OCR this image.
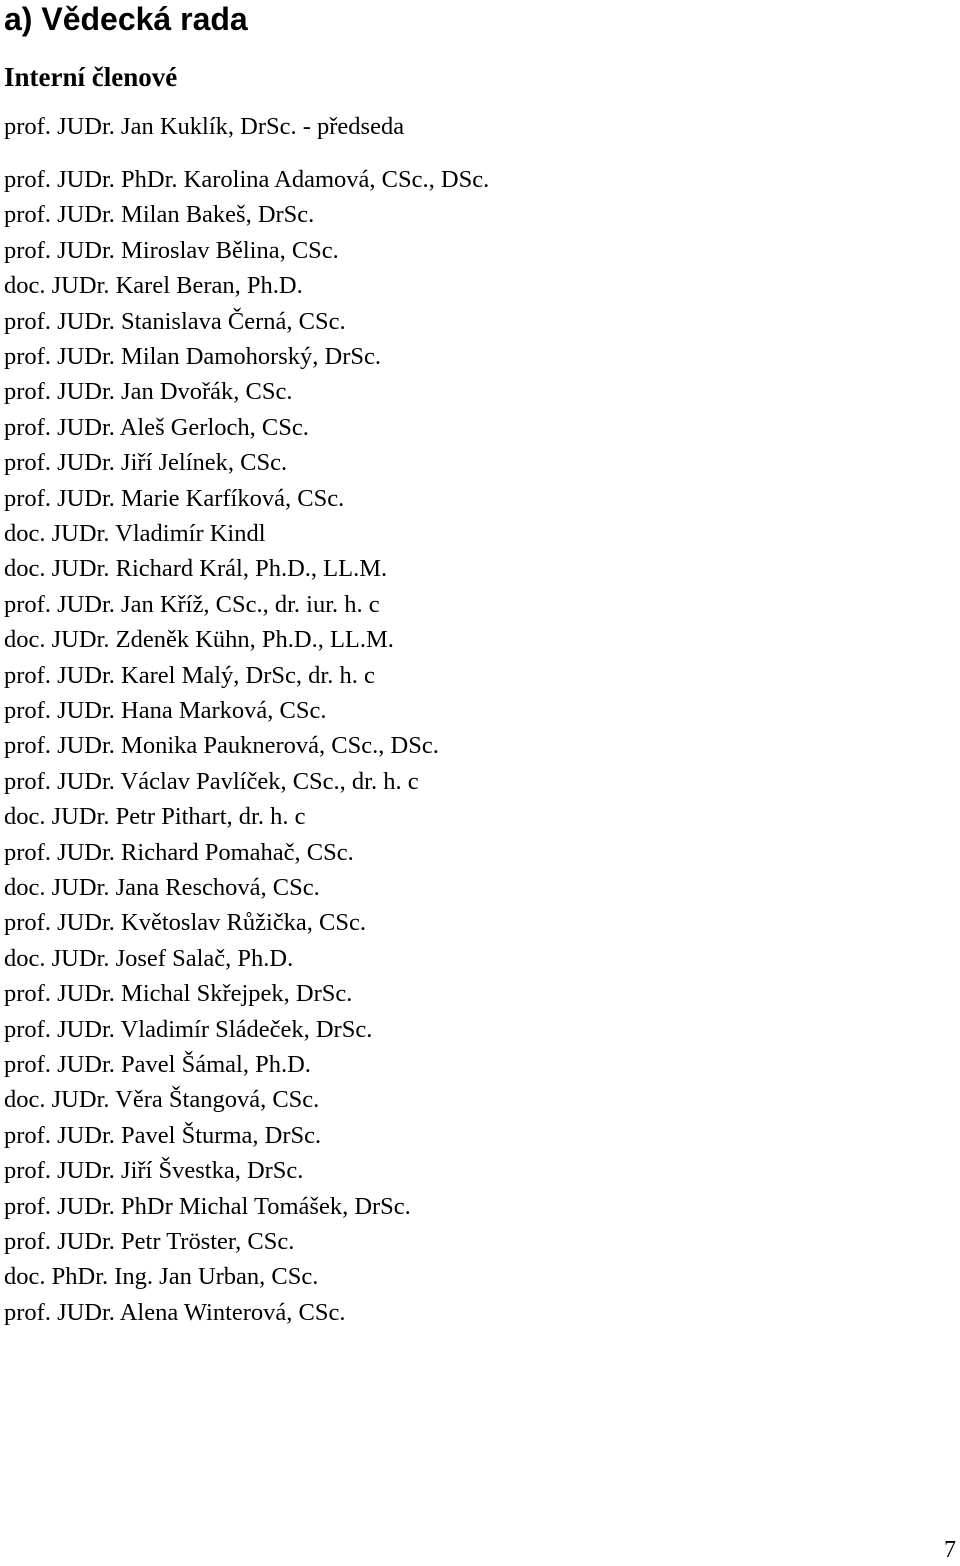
a) Vědecká rada
Interní členové
prof. JUDr. Jan Kuklík, DrSc. - předseda
prof. JUDr. PhDr. Karolina Adamová, CSc., DSc.
prof. JUDr. Milan Bakeš, DrSc.
prof. JUDr. Miroslav Bělina, CSc.
doc. JUDr. Karel Beran, Ph.D.
prof. JUDr. Stanislava Černá, CSc.
prof. JUDr. Milan Damohorský, DrSc.
prof. JUDr. Jan Dvořák, CSc.
prof. JUDr. Aleš Gerloch, CSc.
prof. JUDr. Jiří Jelínek, CSc.
prof. JUDr. Marie Karfíková, CSc.
doc. JUDr. Vladimír Kindl
doc. JUDr. Richard Král, Ph.D., LL.M.
prof. JUDr. Jan Kříž, CSc., dr. iur. h. c
doc. JUDr. Zdeněk Kühn, Ph.D., LL.M.
prof. JUDr. Karel Malý, DrSc, dr. h. c
prof. JUDr. Hana Marková, CSc.
prof. JUDr. Monika Pauknerová, CSc., DSc.
prof. JUDr. Václav Pavlíček, CSc., dr. h. c
doc. JUDr. Petr Pithart, dr. h. c
prof. JUDr. Richard Pomahač, CSc.
doc. JUDr. Jana Reschová, CSc.
prof. JUDr. Květoslav Růžička, CSc.
doc. JUDr. Josef Salač, Ph.D.
prof. JUDr. Michal Skřejpek, DrSc.
prof. JUDr. Vladimír Sládeček, DrSc.
prof. JUDr. Pavel Šámal, Ph.D.
doc. JUDr. Věra Štangová, CSc.
prof. JUDr. Pavel Šturma, DrSc.
prof. JUDr. Jiří Švestka, DrSc.
prof. JUDr. PhDr Michal Tomášek, DrSc.
prof. JUDr. Petr Tröster, CSc.
doc. PhDr. Ing. Jan Urban, CSc.
prof. JUDr. Alena Winterová, CSc.
7
